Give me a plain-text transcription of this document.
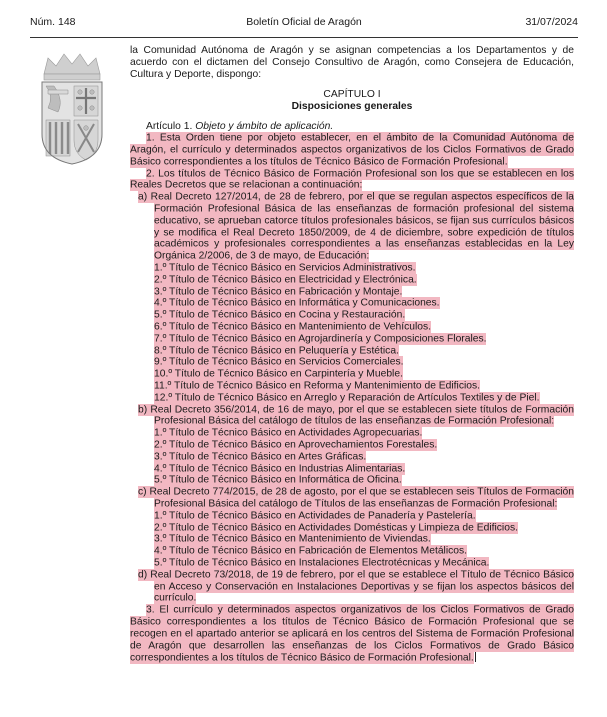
Núm. 148	Boletín Oficial de Aragón	31/07/2024

la Comunidad Autónoma de Aragón y se asignan competencias a los Departamentos y de acuerdo con el dictamen del Consejo Consultivo de Aragón, como Consejera de Educación, Cultura y Deporte, dispongo:

CAPÍTULO I

Disposiciones generales

Artículo 1. Objeto y ámbito de aplicación.

1. Esta Orden tiene por objeto establecer, en el ámbito de la Comunidad Autónoma de Aragón, el currículo y determinados aspectos organizativos de los Ciclos Formativos de Grado Básico correspondientes a los títulos de Técnico Básico de Formación Profesional.

2. Los títulos de Técnico Básico de Formación Profesional son los que se establecen en los Reales Decretos que se relacionan a continuación:

a) Real Decreto 127/2014, de 28 de febrero, por el que se regulan aspectos específicos de la Formación Profesional Básica de las enseñanzas de formación profesional del sistema educativo, se aprueban catorce títulos profesionales básicos, se fijan sus currículos básicos y se modifica el Real Decreto 1850/2009, de 4 de diciembre, sobre expedición de títulos académicos y profesionales correspondientes a las enseñanzas establecidas en la Ley Orgánica 2/2006, de 3 de mayo, de Educación:

1.º Título de Técnico Básico en Servicios Administrativos.

2.º Título de Técnico Básico en Electricidad y Electrónica.

3.º Título de Técnico Básico en Fabricación y Montaje.

4.º Título de Técnico Básico en Informática y Comunicaciones.

5.º Título de Técnico Básico en Cocina y Restauración.

6.º Título de Técnico Básico en Mantenimiento de Vehículos.

7.º Título de Técnico Básico en Agrojardinería y Composiciones Florales.

8.º Título de Técnico Básico en Peluquería y Estética.

9.º Título de Técnico Básico en Servicios Comerciales.

10.º Título de Técnico Básico en Carpintería y Mueble.

11.º Título de Técnico Básico en Reforma y Mantenimiento de Edificios.

12.º Título de Técnico Básico en Arreglo y Reparación de Artículos Textiles y de Piel.

b) Real Decreto 356/2014, de 16 de mayo, por el que se establecen siete títulos de Formación Profesional Básica del catálogo de títulos de las enseñanzas de Formación Profesional:

1.º Título de Técnico Básico en Actividades Agropecuarias.

2.º Título de Técnico Básico en Aprovechamientos Forestales.

3.º Título de Técnico Básico en Artes Gráficas.

4.º Título de Técnico Básico en Industrias Alimentarias.

5.º Título de Técnico Básico en Informática de Oficina.

c) Real Decreto 774/2015, de 28 de agosto, por el que se establecen seis Títulos de Formación Profesional Básica del catálogo de Títulos de las enseñanzas de Formación Profesional:

1.º Título de Técnico Básico en Actividades de Panadería y Pastelería.

2.º Título de Técnico Básico en Actividades Domésticas y Limpieza de Edificios.

3.º Título de Técnico Básico en Mantenimiento de Viviendas.

4.º Título de Técnico Básico en Fabricación de Elementos Metálicos.

5.º Título de Técnico Básico en Instalaciones Electrotécnicas y Mecánica.

d) Real Decreto 73/2018, de 19 de febrero, por el que se establece el Título de Técnico Básico en Acceso y Conservación en Instalaciones Deportivas y se fijan los aspectos básicos del currículo.

3. El currículo y determinados aspectos organizativos de los Ciclos Formativos de Grado Básico correspondientes a los títulos de Técnico Básico de Formación Profesional que se recogen en el apartado anterior se aplicará en los centros del Sistema de Formación Profesional de Aragón que desarrollen las enseñanzas de los Ciclos Formativos de Grado Básico correspondientes a los títulos de Técnico Básico de Formación Profesional.
